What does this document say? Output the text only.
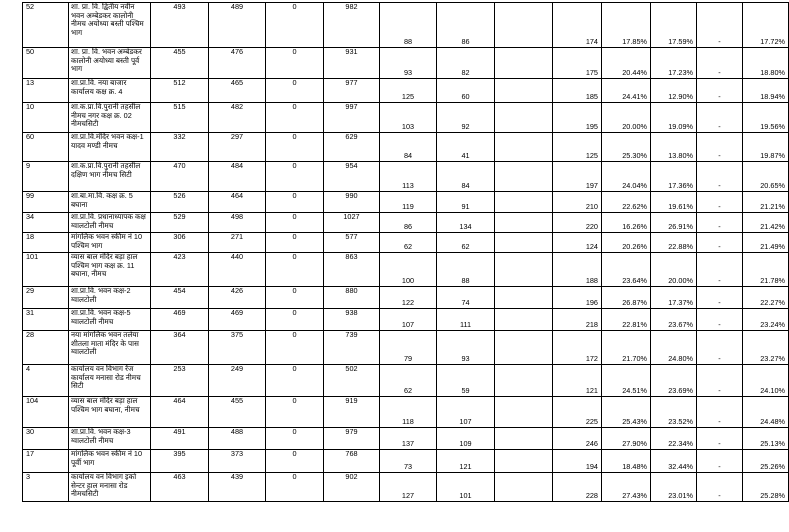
52	शा. प्रा. वि. द्वितीय नवीन भवन अम्बेडकर कालोनी नीमच अयोध्या बस्ती पश्चिम भाग	493	489	0	982	88	86		174	17.85%	17.59%	-	17.72%
50	शा. प्रा. वि. भवन अम्बेडकर कालोनी अयोध्या बस्ती पूर्व भाग	455	476	0	931	93	82		175	20.44%	17.23%	-	18.80%
13	शा.प्रा.वि. नया बाजार कार्यालय कक्ष क्र. 4	512	465	0	977	125	60		185	24.41%	12.90%	-	18.94%
10	शा.क.प्रा.वि.पुरानी तहसील नीमच नगर कक्ष क्र. 02 नीमचसिटी	515	482	0	997	103	92		195	20.00%	19.09%	-	19.56%
60	शा.प्रा.वि.मंदिर भवन कक्ष-1 यादव मण्डी नीमच	332	297	0	629	84	41		125	25.30%	13.80%	-	19.87%
9	शा.क.प्रा.वि.पुरानी तहसील दक्षिण भाग नीमच सिटी	470	484	0	954	113	84		197	24.04%	17.36%	-	20.65%
99	शा.बा.मा.वि. कक्ष क्र. 5 बघाना	526	464	0	990	119	91		210	22.62%	19.61%	-	21.21%
34	शा.प्रा.वि. प्रधानाध्यापक कक्ष ग्वालटोली नीमच	529	498	0	1027	86	134		220	16.26%	26.91%	-	21.42%
18	मांगलिक भवन स्कीम नं 10 पश्चिम भाग	306	271	0	577	62	62		124	20.26%	22.88%	-	21.49%
101	व्यास बाल मंदिर बड़ा हाल पश्चिम भाग कक्ष क्र. 11 बघाना, नीमच	423	440	0	863	100	88		188	23.64%	20.00%	-	21.78%
29	शा.प्रा.वि. भवन कक्ष-2 ग्वालटोली	454	426	0	880	122	74		196	26.87%	17.37%	-	22.27%
31	शा.प्रा.वि. भवन कक्ष-5 ग्वालटोली नीमच	469	469	0	938	107	111		218	22.81%	23.67%	-	23.24%
28	नया मांगलिक भवन तलेया शीतला माता मंदिर के पास ग्वालटोली	364	375	0	739	79	93		172	21.70%	24.80%	-	23.27%
4	कार्यालय वन विभाग रेंज कार्यालय मनासा रोड नीमच सिटी	253	249	0	502	62	59		121	24.51%	23.69%	-	24.10%
104	व्यास बाल मंदिर बड़ा हाल पश्चिम भाग बघाना, नीमच	464	455	0	919	118	107		225	25.43%	23.52%	-	24.48%
30	शा.प्रा.वि. भवन कक्ष-3 ग्वालटोली नीमच	491	488	0	979	137	109		246	27.90%	22.34%	-	25.13%
17	मांगलिक भवन स्कीम नं 10 पूर्वी भाग	395	373	0	768	73	121		194	18.48%	32.44%	-	25.26%
3	कार्यालय वन विभाग इको सेन्टर हाल मनासा रोड नीमचसिटी	463	439	0	902	127	101		228	27.43%	23.01%	-	25.28%
